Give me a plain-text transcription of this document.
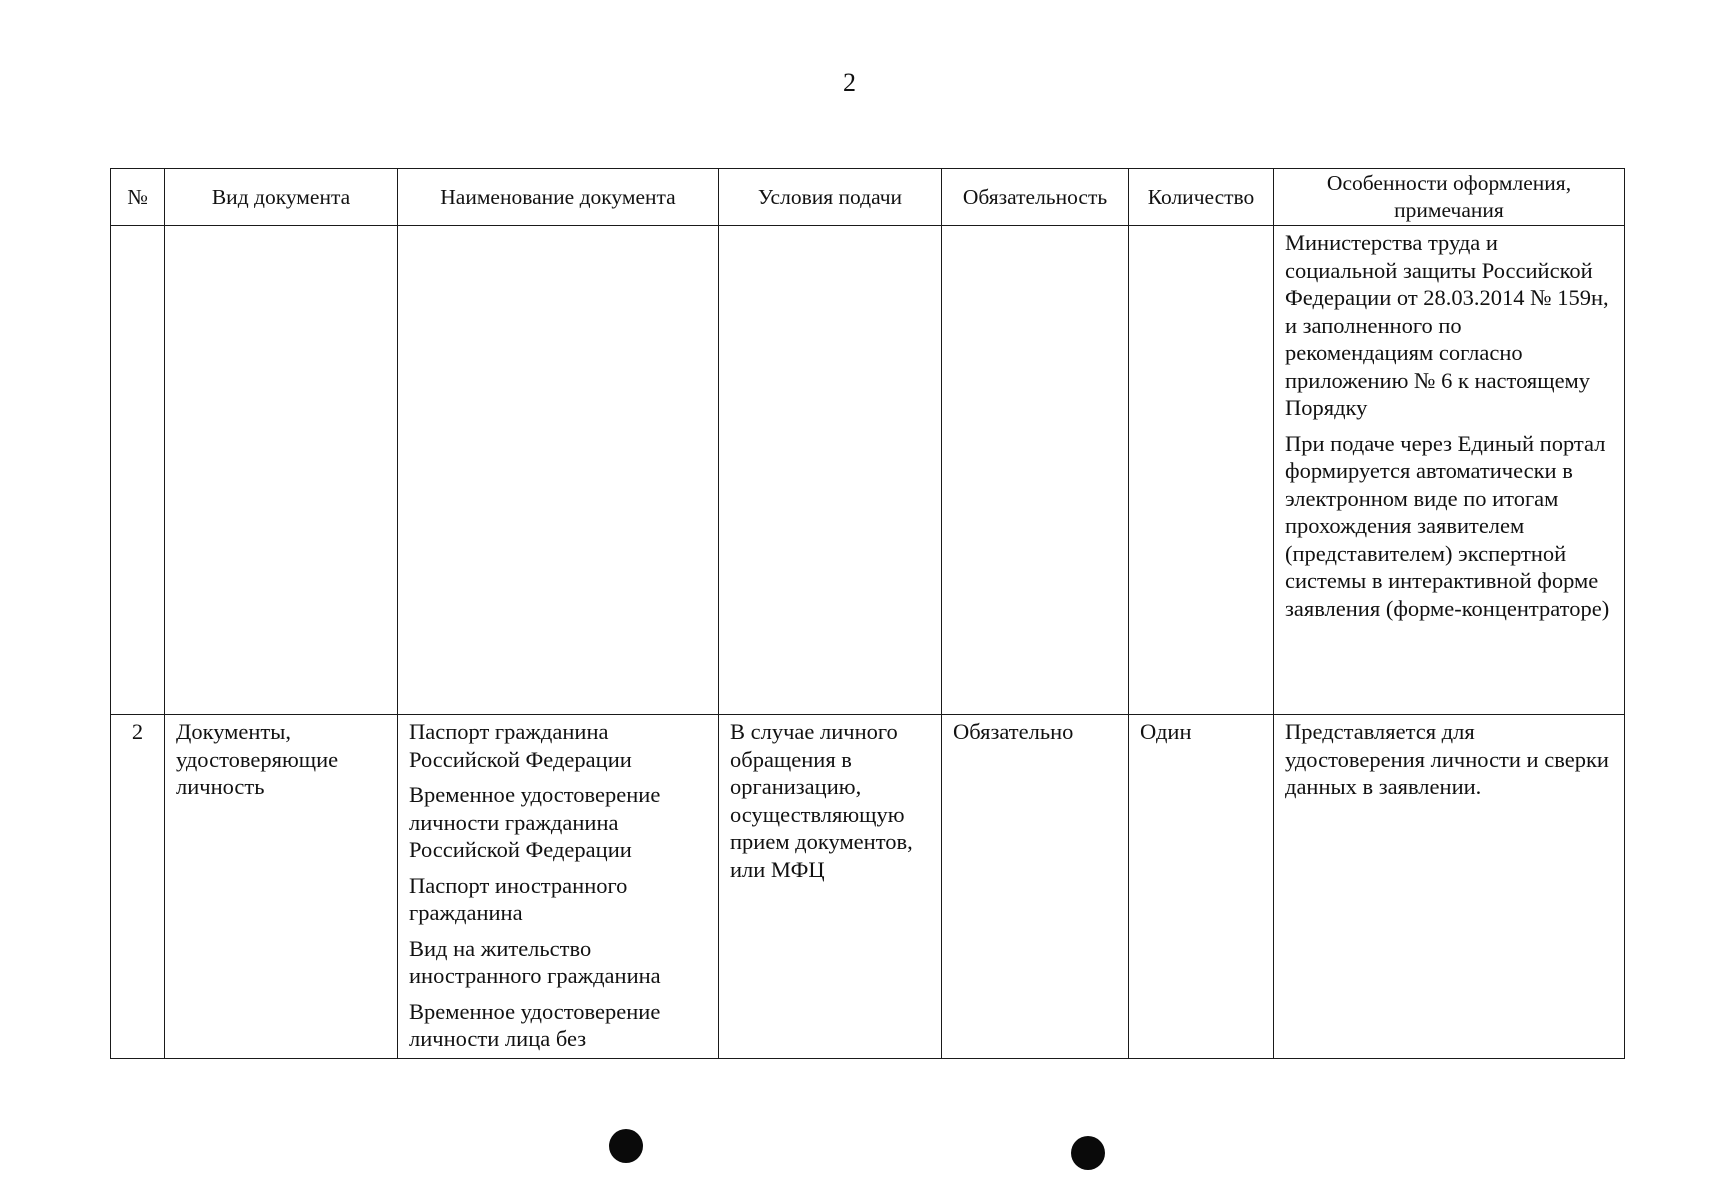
2
№	Вид документа	Наименование документа	Условия подачи	Обязательность	Количество	Особенности оформления, примечания

						Министерства труда и социальной защиты Российской Федерации от 28.03.2014 № 159н, и заполненного по рекомендациям согласно приложению № 6 к настоящему Порядку

При подаче через Единый портал формируется автоматически в электронном виде по итогам прохождения заявителем (представителем) экспертной системы в интерактивной форме заявления (форме-концентраторе)

2	Документы, удостоверяющие личность	Паспорт гражданина Российской Федерации

Временное удостоверение личности гражданина Российской Федерации

Паспорт иностранного гражданина

Вид на жительство иностранного гражданина

Временное удостоверение личности лица без	В случае личного обращения в организацию, осуществляющую прием документов, или МФЦ	Обязательно	Один	Представляется для удостоверения личности и сверки данных в заявлении.
